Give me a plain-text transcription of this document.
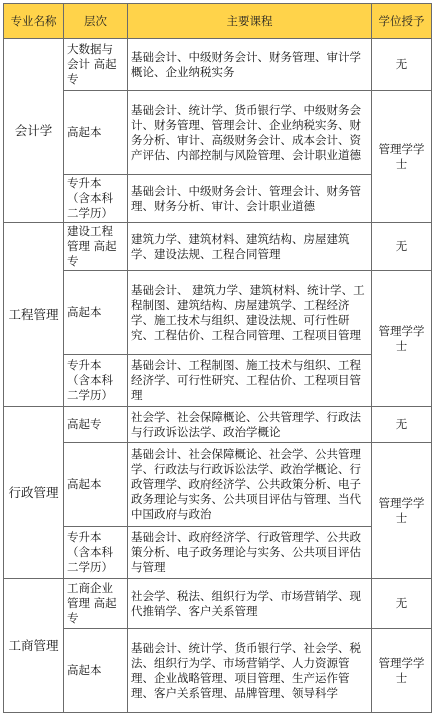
专业名称	层次	主要课程	学位授予
会计学	大数据与会计 高起专	基础会计、中级财务会计、财务管理、审计学概论、企业纳税实务	无
	高起本	基础会计、统计学、货币银行学、中级财务会计、财务管理、管理会计、企业纳税实务、财务分析、审计、高级财务会计、成本会计、资产评估、内部控制与风险管理、会计职业道德	管理学学士
	专升本（含本科二学历）	基础会计、中级财务会计、管理会计、财务管理、财务分析、审计、会计职业道德	
工程管理	建设工程管理 高起专	建筑力学、建筑材料、建筑结构、房屋建筑学、建设法规、工程合同管理	无
	高起本	基础会计、 建筑力学、建筑材料、统计学、工程制图、建筑结构、房屋建筑学、工程经济学、施工技术与组织、建设法规、可行性研究、工程估价、工程合同管理、工程项目管理	管理学学士
	专升本（含本科二学历）	基础会计、工程制图、施工技术与组织、工程经济学、可行性研究、工程估价、工程项目管理	
行政管理	高起专	社会学、社会保障概论、公共管理学、行政法与行政诉讼法学、政治学概论	无
	高起本	基础会计、社会保障概论、社会学、公共管理学、行政法与行政诉讼法学、政治学概论、行政管理学、政府经济学、公共政策分析、电子政务理论与实务、公共项目评估与管理、当代中国政府与政治	管理学学士
	专升本（含本科二学历）	基础会计、政府经济学、行政管理学、公共政策分析、电子政务理论与实务、公共项目评估与管理	
工商管理	工商企业管理 高起专	社会学、税法、组织行为学、市场营销学、现代推销学、客户关系管理	无
	高起本	基础会计、统计学、货币银行学、社会学、税法、组织行为学、市场营销学、人力资源管理、企业战略管理、项目管理、生产运作管理、客户关系管理、品牌管理、领导科学	管理学学士
